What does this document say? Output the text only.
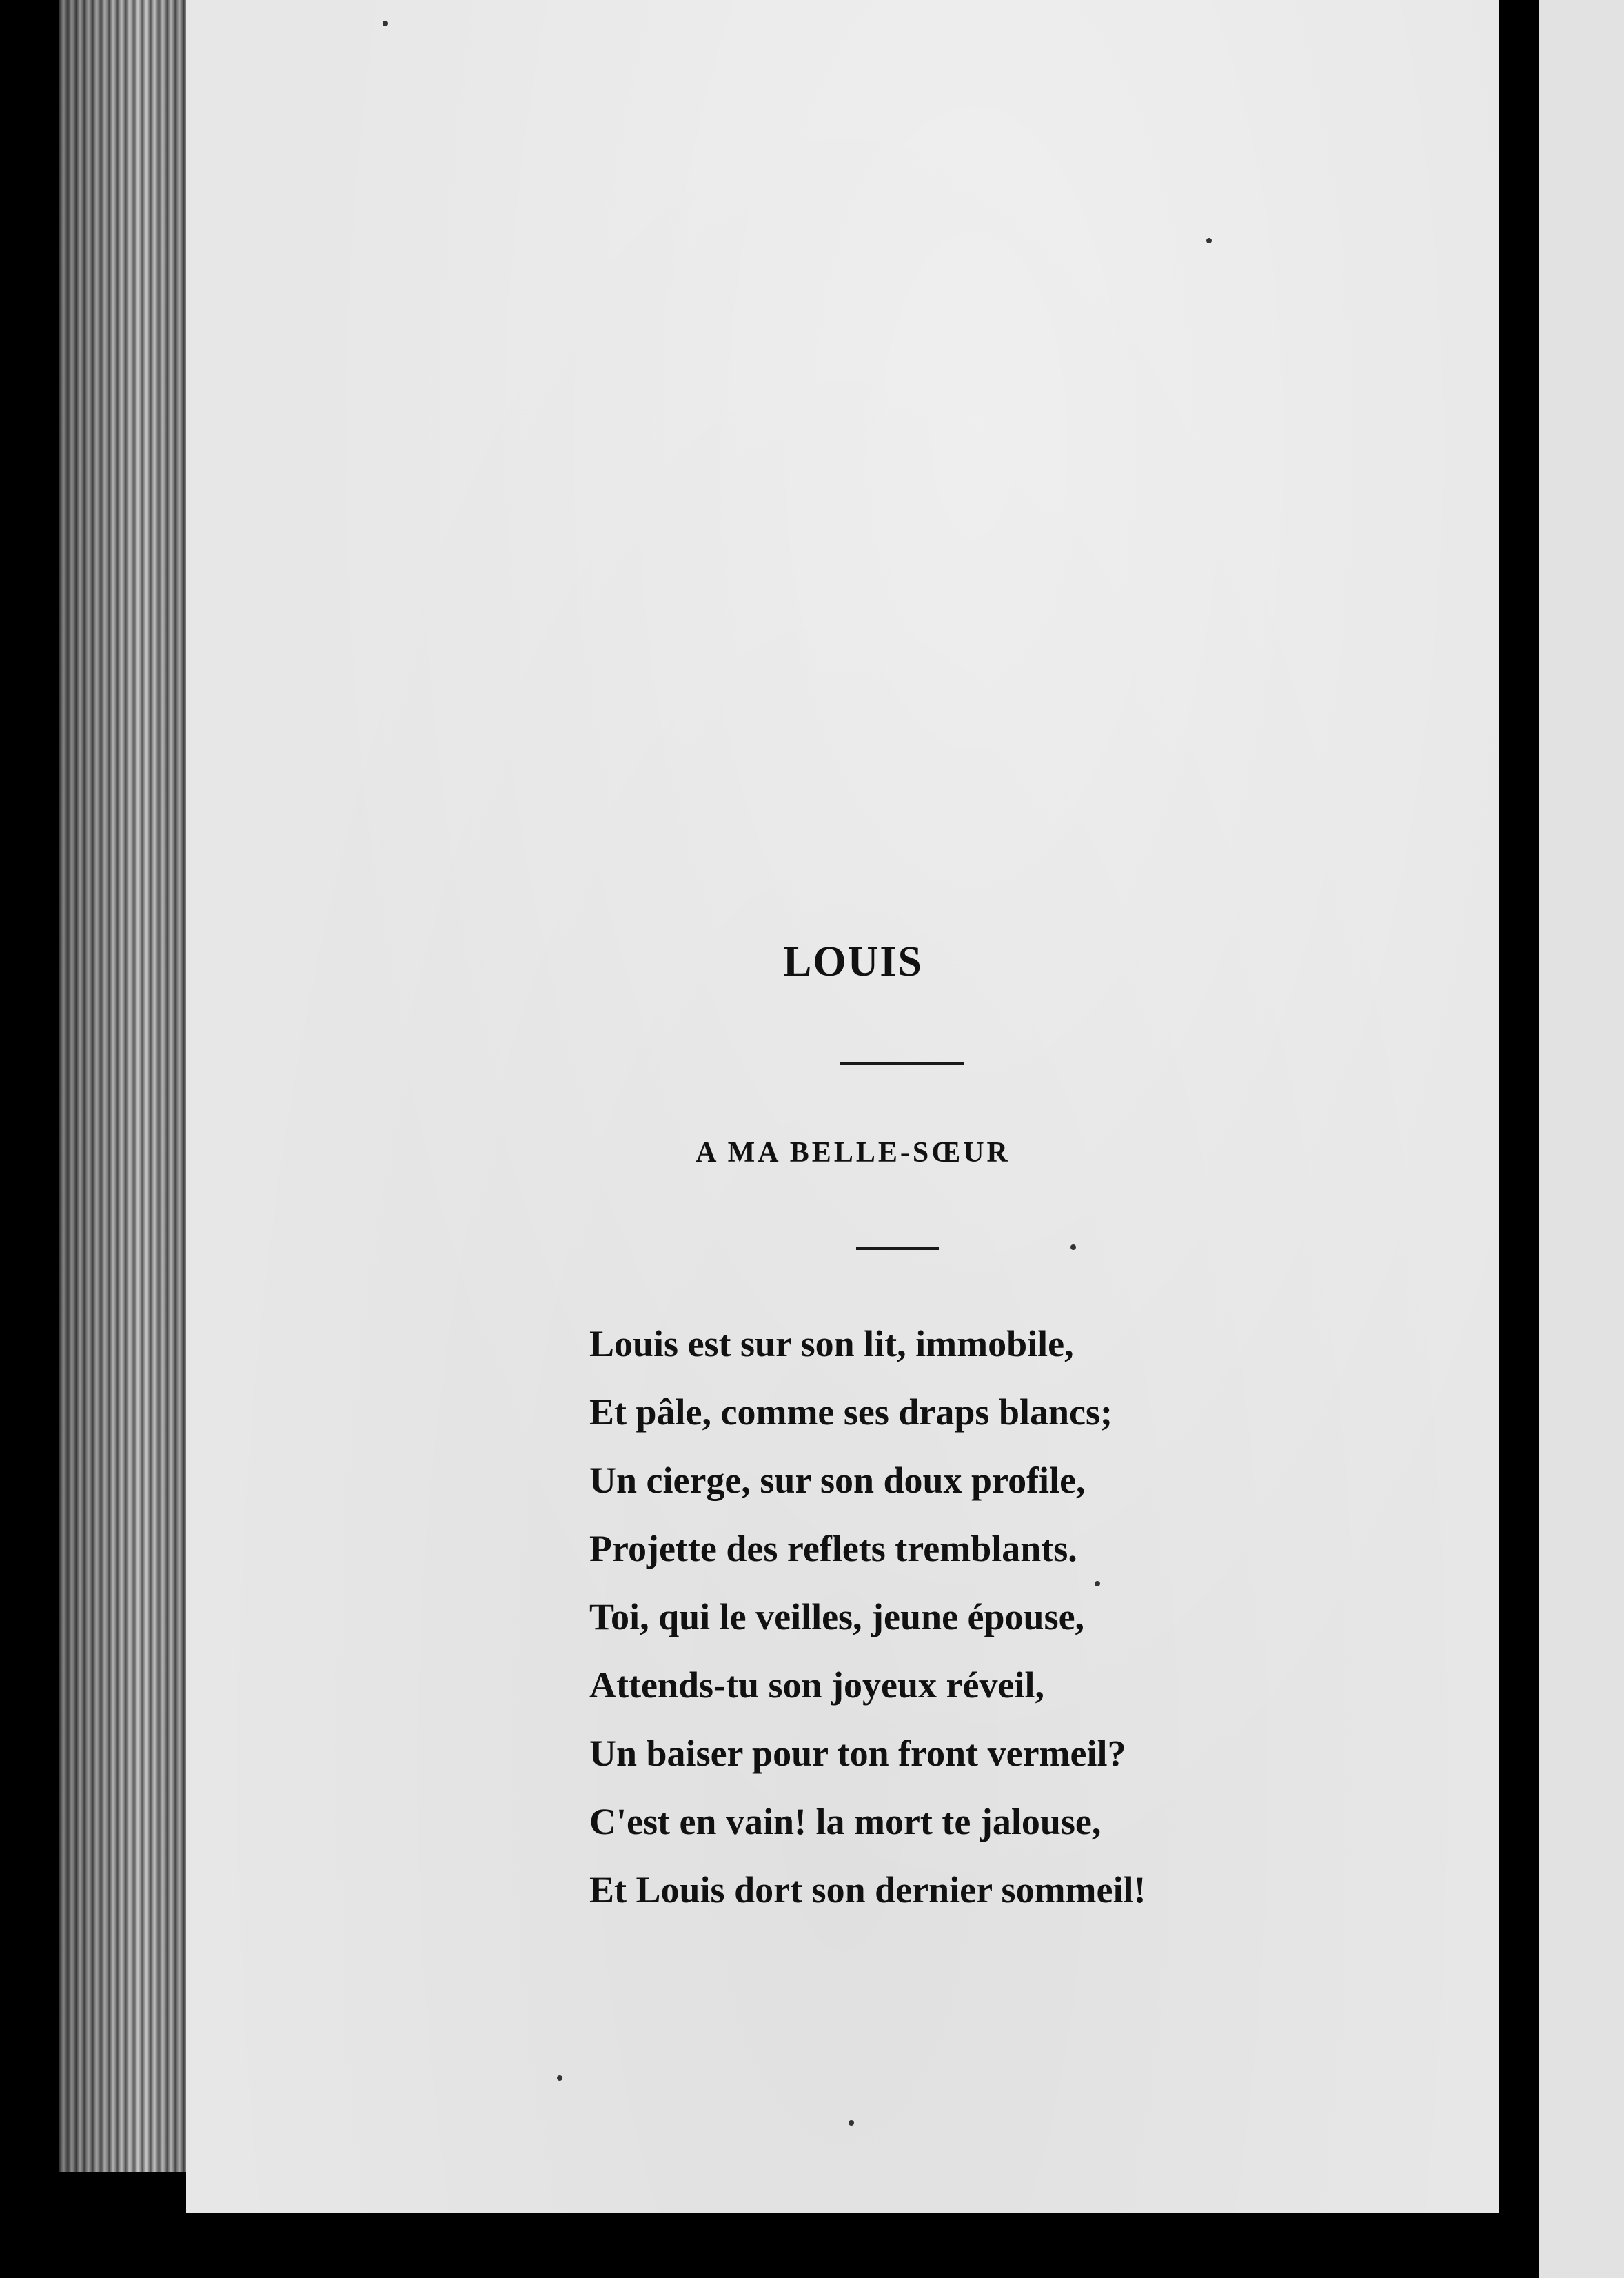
LOUIS
A MA BELLE-SŒUR
Louis est sur son lit, immobile,
Et pâle, comme ses draps blancs;
Un cierge, sur son doux profile,
Projette des reflets tremblants.
Toi, qui le veilles, jeune épouse,
Attends-tu son joyeux réveil,
Un baiser pour ton front vermeil?
C'est en vain! la mort te jalouse,
Et Louis dort son dernier sommeil!
